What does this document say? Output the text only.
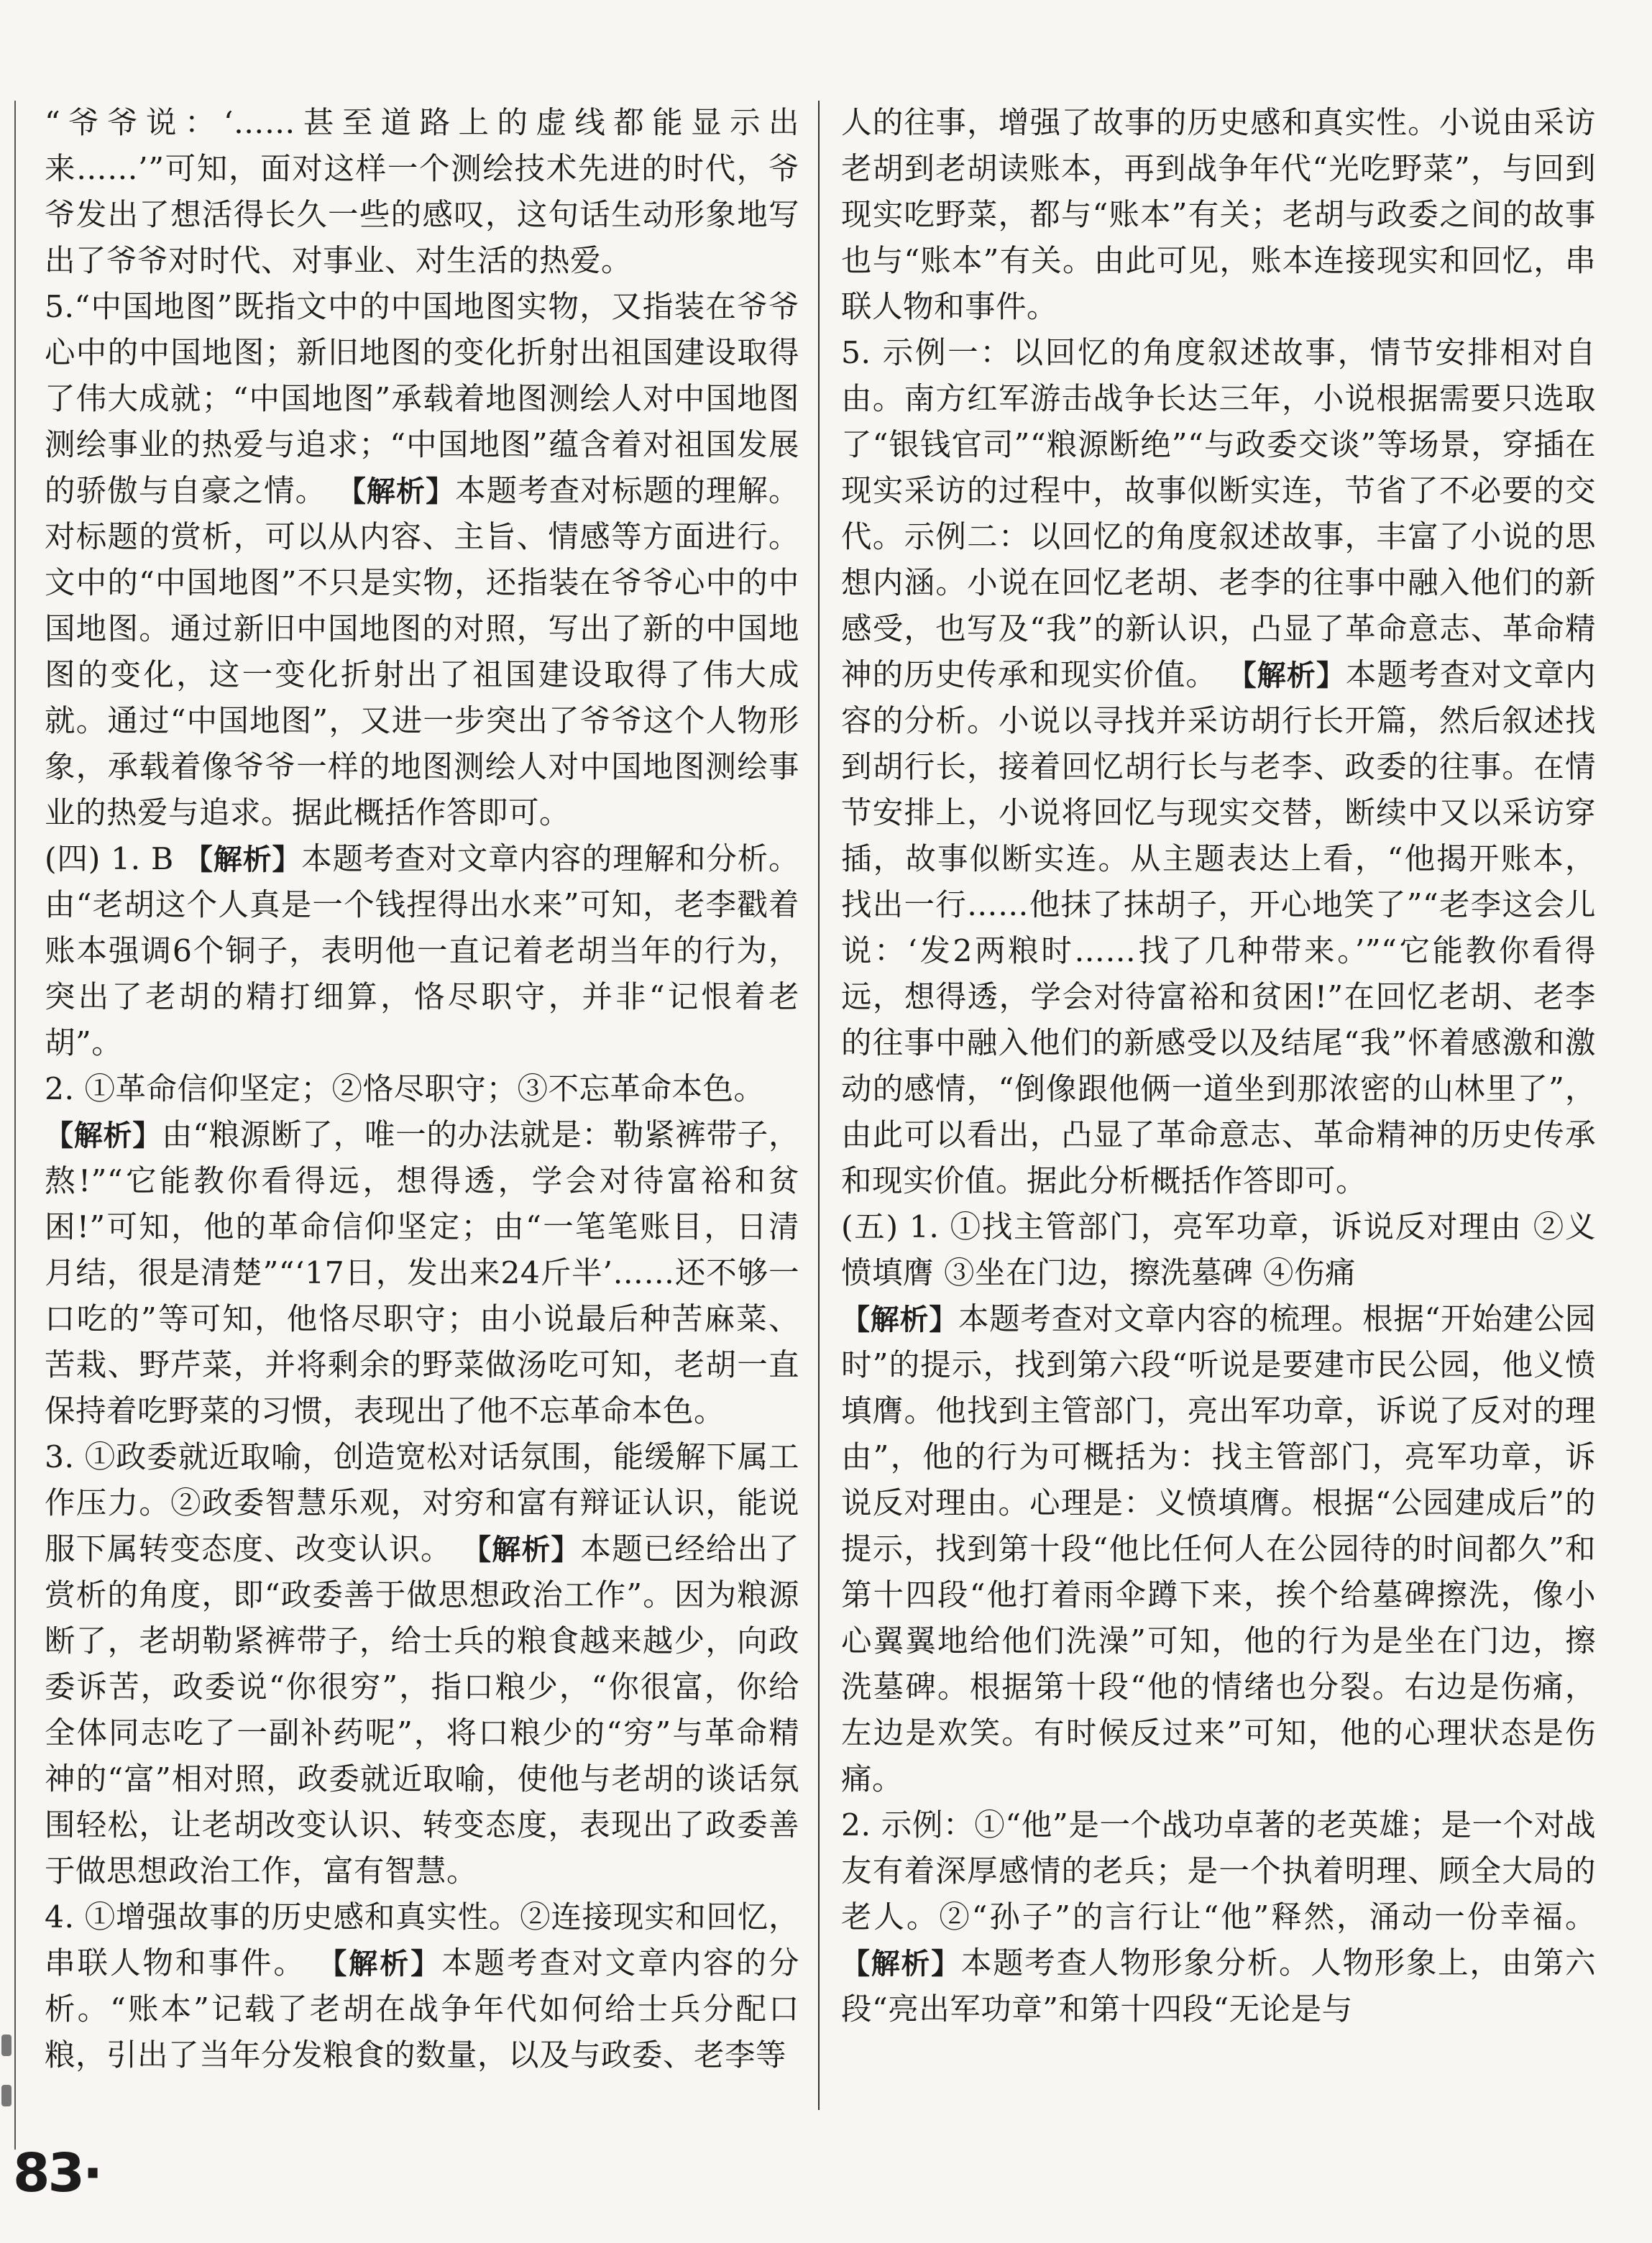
“爷爷说：‘……甚至道路上的虚线都能显示出来……’”可知，面对这样一个测绘技术先进的时代，爷爷发出了想活得长久一些的感叹，这句话生动形象地写出了爷爷对时代、对事业、对生活的热爱。

5.“中国地图”既指文中的中国地图实物，又指装在爷爷心中的中国地图；新旧地图的变化折射出祖国建设取得了伟大成就；“中国地图”承载着地图测绘人对中国地图测绘事业的热爱与追求；“中国地图”蕴含着对祖国发展的骄傲与自豪之情。 【解析】本题考查对标题的理解。对标题的赏析，可以从内容、主旨、情感等方面进行。文中的“中国地图”不只是实物，还指装在爷爷心中的中国地图。通过新旧中国地图的对照，写出了新的中国地图的变化，这一变化折射出了祖国建设取得了伟大成就。通过“中国地图”，又进一步突出了爷爷这个人物形象，承载着像爷爷一样的地图测绘人对中国地图测绘事业的热爱与追求。据此概括作答即可。

(四) 1. B 【解析】本题考查对文章内容的理解和分析。由“老胡这个人真是一个钱捏得出水来”可知，老李戳着账本强调6个铜子，表明他一直记着老胡当年的行为，突出了老胡的精打细算，恪尽职守，并非“记恨着老胡”。

2. ①革命信仰坚定；②恪尽职守；③不忘革命本色。
【解析】由“粮源断了，唯一的办法就是：勒紧裤带子，熬!”“它能教你看得远，想得透，学会对待富裕和贫困!”可知，他的革命信仰坚定；由“一笔笔账目，日清月结，很是清楚”“‘17日，发出来24斤半’……还不够一口吃的”等可知，他恪尽职守；由小说最后种苦麻菜、苦栽、野芹菜，并将剩余的野菜做汤吃可知，老胡一直保持着吃野菜的习惯，表现出了他不忘革命本色。

3. ①政委就近取喻，创造宽松对话氛围，能缓解下属工作压力。②政委智慧乐观，对穷和富有辩证认识，能说服下属转变态度、改变认识。 【解析】本题已经给出了赏析的角度，即“政委善于做思想政治工作”。因为粮源断了，老胡勒紧裤带子，给士兵的粮食越来越少，向政委诉苦，政委说“你很穷”，指口粮少，“你很富，你给全体同志吃了一副补药呢”，将口粮少的“穷”与革命精神的“富”相对照，政委就近取喻，使他与老胡的谈话氛围轻松，让老胡改变认识、转变态度，表现出了政委善于做思想政治工作，富有智慧。

4. ①增强故事的历史感和真实性。②连接现实和回忆，串联人物和事件。 【解析】本题考查对文章内容的分析。“账本”记载了老胡在战争年代如何给士兵分配口粮，引出了当年分发粮食的数量，以及与政委、老李等

人的往事，增强了故事的历史感和真实性。小说由采访老胡到老胡读账本，再到战争年代“光吃野菜”，与回到现实吃野菜，都与“账本”有关；老胡与政委之间的故事也与“账本”有关。由此可见，账本连接现实和回忆，串联人物和事件。

5. 示例一：以回忆的角度叙述故事，情节安排相对自由。南方红军游击战争长达三年，小说根据需要只选取了“银钱官司”“粮源断绝”“与政委交谈”等场景，穿插在现实采访的过程中，故事似断实连，节省了不必要的交代。示例二：以回忆的角度叙述故事，丰富了小说的思想内涵。小说在回忆老胡、老李的往事中融入他们的新感受，也写及“我”的新认识，凸显了革命意志、革命精神的历史传承和现实价值。 【解析】本题考查对文章内容的分析。小说以寻找并采访胡行长开篇，然后叙述找到胡行长，接着回忆胡行长与老李、政委的往事。在情节安排上，小说将回忆与现实交替，断续中又以采访穿插，故事似断实连。从主题表达上看，“他揭开账本，找出一行……他抹了抹胡子，开心地笑了”“老李这会儿说：‘发2两粮时……找了几种带来。’”“它能教你看得远，想得透，学会对待富裕和贫困!”在回忆老胡、老李的往事中融入他们的新感受以及结尾“我”怀着感激和激动的感情，“倒像跟他俩一道坐到那浓密的山林里了”，由此可以看出，凸显了革命意志、革命精神的历史传承和现实价值。据此分析概括作答即可。

(五) 1. ①找主管部门，亮军功章，诉说反对理由 ②义愤填膺 ③坐在门边，擦洗墓碑 ④伤痛

【解析】本题考查对文章内容的梳理。根据“开始建公园时”的提示，找到第六段“听说是要建市民公园，他义愤填膺。他找到主管部门，亮出军功章，诉说了反对的理由”，他的行为可概括为：找主管部门，亮军功章，诉说反对理由。心理是：义愤填膺。根据“公园建成后”的提示，找到第十段“他比任何人在公园待的时间都久”和第十四段“他打着雨伞蹲下来，挨个给墓碑擦洗，像小心翼翼地给他们洗澡”可知，他的行为是坐在门边，擦洗墓碑。根据第十段“他的情绪也分裂。右边是伤痛，左边是欢笑。有时候反过来”可知，他的心理状态是伤痛。

2. 示例：①“他”是一个战功卓著的老英雄；是一个对战友有着深厚感情的老兵；是一个执着明理、顾全大局的老人。②“孙子”的言行让“他”释然，涌动一份幸福。 【解析】本题考查人物形象分析。人物形象上，由第六段“亮出军功章”和第十四段“无论是与

83·
